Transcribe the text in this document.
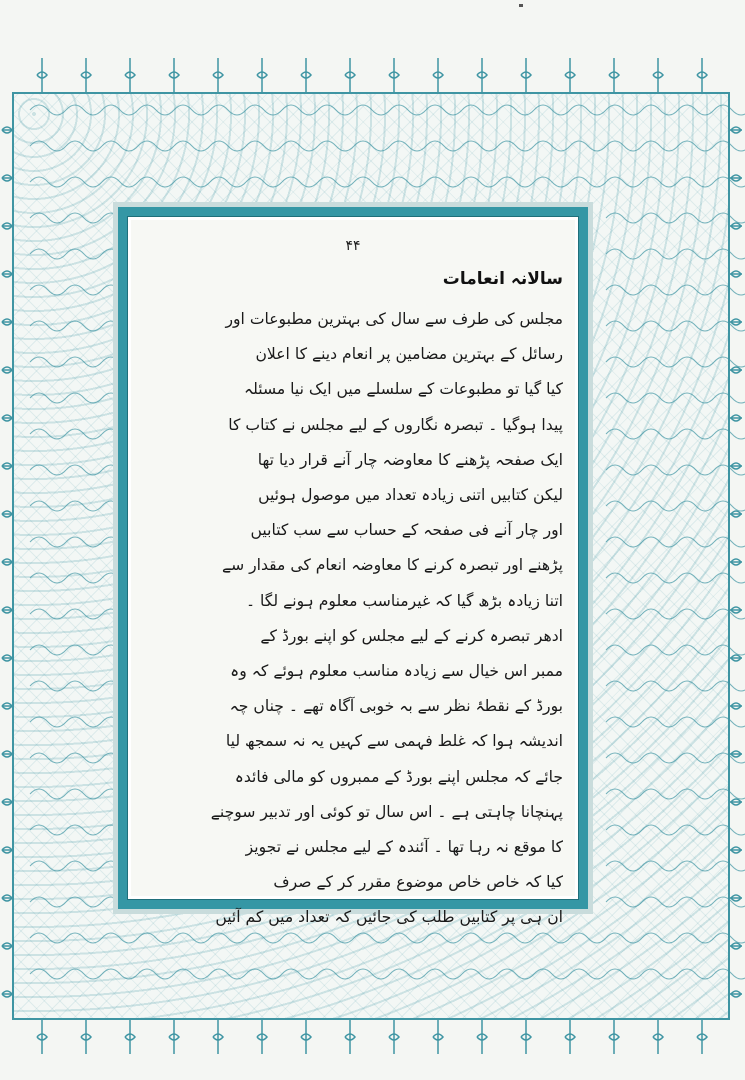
۴۴
سالانہ انعامات
مجلس کی طرف سے سال کی بہترین مطبوعات اور
رسائل کے بہترین مضامین پر انعام دینے کا اعلان
کیا گیا تو مطبوعات کے سلسلے میں ایک نیا مسئلہ
پیدا ہوگیا ۔ تبصرہ نگاروں کے لیے مجلس نے کتاب کا
ایک صفحہ پڑھنے کا معاوضہ چار آنے قرار دیا تھا
لیکن کتابیں اتنی زیادہ تعداد میں موصول ہوئیں
اور چار آنے فی صفحہ کے حساب سے سب کتابیں
پڑھنے اور تبصرہ کرنے کا معاوضہ انعام کی مقدار سے
اتنا زیادہ بڑھ گیا کہ غیرمناسب معلوم ہونے لگا ۔
ادھر تبصرہ کرنے کے لیے مجلس کو اپنے بورڈ کے
ممبر اس خیال سے زیادہ مناسب معلوم ہوئے کہ وہ
بورڈ کے نقطۂ نظر سے بہ خوبی آگاہ تھے ۔ چناں چہ
اندیشہ ہوا کہ غلط فہمی سے کہیں یہ نہ سمجھ لیا
جائے کہ مجلس اپنے بورڈ کے ممبروں کو مالی فائدہ
پہنچانا چاہتی ہے ۔ اس سال تو کوئی اور تدبیر سوچنے
کا موقع نہ رہا تھا ۔ آئندہ کے لیے مجلس نے تجویز
کیا کہ خاص خاص موضوع مقرر کر کے صرف
ان ہی پر کتابیں طلب کی جائیں کہ تعداد میں کم آئیں
